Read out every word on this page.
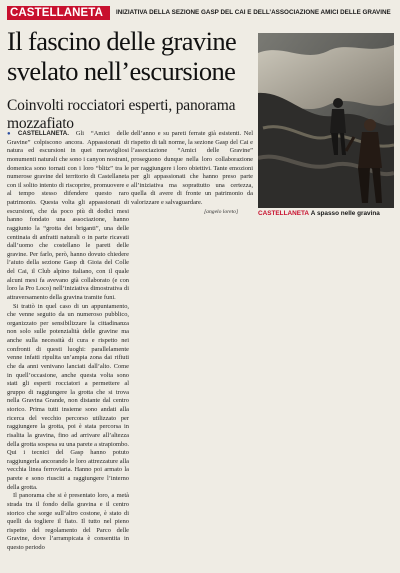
CASTELLANETA	INIZIATIVA DELLA SEZIONE GASP DEL CAI E DELL’ASSOCIAZIONE AMICI DELLE GRAVINE
Il fascino delle gravine
svelato nell’escursione
Coinvolti rocciatori esperti, panorama mozzafiato
CASTELLANETA A spasso nelle gravina

● CASTELLANETA. Gli “Amici delle Gravine” colpiscono ancora. Appassionati di natura ed escursioni in quei meravigliosi monumenti naturali che sono i canyon nostrani, domenica sono tornati con i loro “blitz” tra le numerose gravine del territorio di Castellaneta con il solito intento di riscoprire, promuovere e al tempo stesso difendere questo raro patrimonio. Questa volta gli appassionati di escursioni, che da poco più di dodici mesi hanno fondato una associazione, hanno raggiunto la “grotta dei briganti”, una delle centinaia di anfratti naturali o in parte ricavati dall’uomo che costellano le pareti delle gravine. Per farlo, però, hanno dovuto chiedere l’aiuto della sezione Gasp di Gioia del Colle del Cai, il Club alpino italiano, con il quale alcuni mesi fa avevano già collaborato (e con loro la Pro Loco) nell’iniziativa dimostrativa di attraversamento della gravina tramite funi.

Si trattò in quel caso di un appuntamento, che venne seguito da un numeroso pubblico, organizzato per sensibilizzare la cittadinanza non solo sulle potenzialità delle gravine ma anche sulla necessità di cura e rispetto nei confronti di questi luoghi: parallelamente venne infatti ripulita un’ampia zona dai rifiuti che da anni venivano lanciati dall’alto. Come in quell’occasione, anche questa volta sono stati gli esperti rocciatori a permettere al gruppo di raggiungere la grotta che si trova nella Gravina Grande, non distante dal centro storico. Prima tutti insieme sono andati alla ricerca del vecchio percorso utilizzato per raggiungere la grotta, poi è stata percorsa in risalita la gravina, fino ad arrivare all’altezza della grotta sospesa su una parete a strapiombo. Qui i tecnici del Gasp hanno potuto raggiungerla ancorando le loro attrezzature alla vecchia linea ferroviaria. Hanno poi armato la parete e sono riusciti a raggiungere l’interno della grotta.

Il panorama che si è presentato loro, a metà strada tra il fondo della gravina e il centro storico che sorge sull’altro costone, è stato di quelli da togliere il fiato. Il tutto nel pieno rispetto del regolamento del Parco delle Gravine, dove l’arrampicata è consentita in questo periodo

dell’anno e su pareti ferrate già esistenti. Nel rispetto di tali norme, la sezione Gasp del Cai e l’associazione “Amici delle Gravine” proseguono dunque nella loro collaborazione per raggiungere i loro obiettivi. Tante emozioni per gli appassionati che hanno preso parte all’iniziativa ma soprattutto una certezza, quella di avere di fronte un patrimonio da valorizzare e salvaguardare.

[angelo loreto]
